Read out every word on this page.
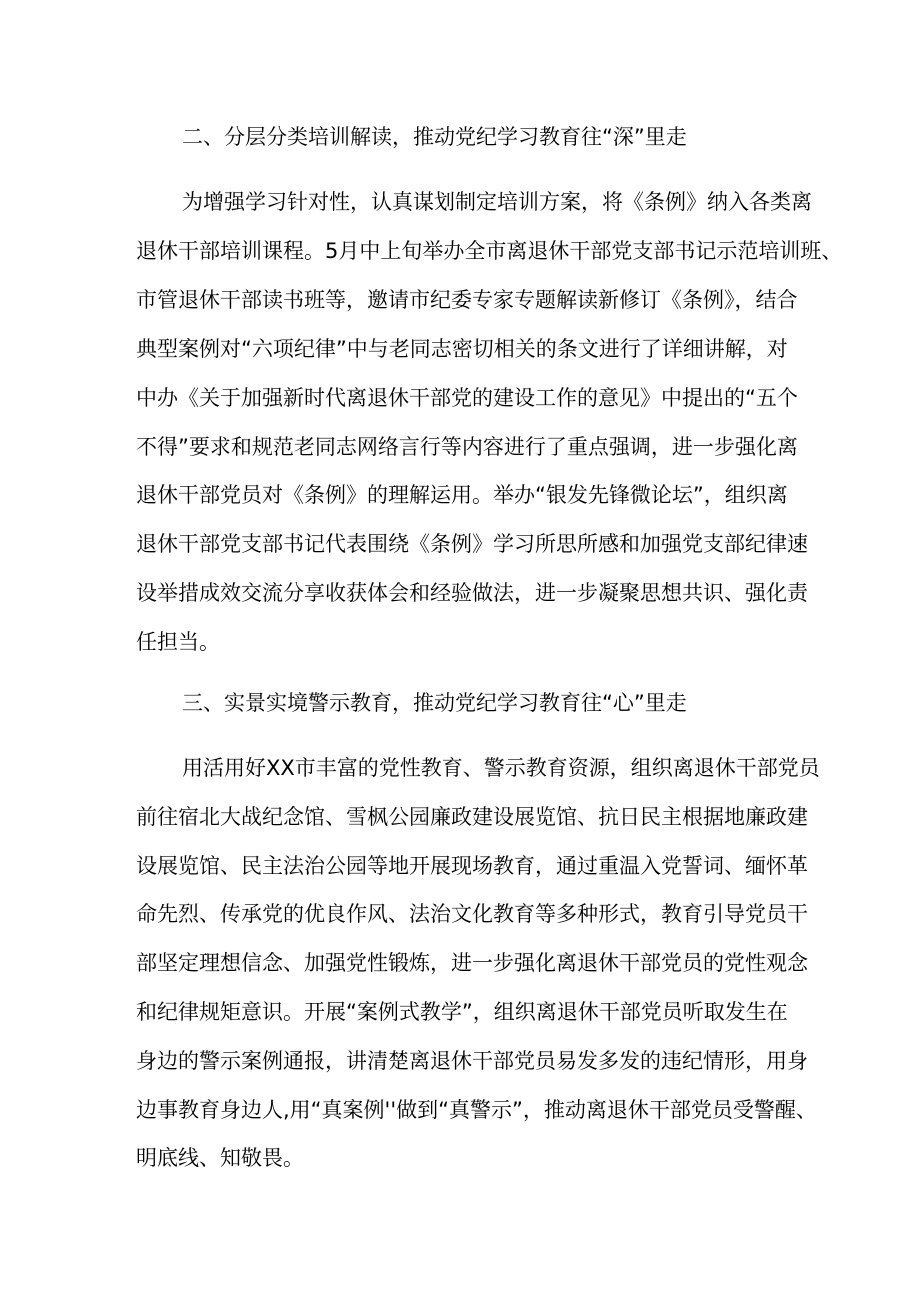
二、分层分类培训解读，推动党纪学习教育往“深”里走
为增强学习针对性，认真谋划制定培训方案，将《条例》纳入各类离
退休干部培训课程。5月中上旬举办全市离退休干部党支部书记示范培训班、
市管退休干部读书班等，邀请市纪委专家专题解读新修订《条例》，结合
典型案例对“六项纪律”中与老同志密切相关的条文进行了详细讲解，对
中办《关于加强新时代离退休干部党的建设工作的意见》中提出的“五个
不得”要求和规范老同志网络言行等内容进行了重点强调，进一步强化离
退休干部党员对《条例》的理解运用。举办“银发先锋微论坛”，组织离
退休干部党支部书记代表围绕《条例》学习所思所感和加强党支部纪律速
设举措成效交流分享收获体会和经验做法，进一步凝聚思想共识、强化责
任担当。
三、实景实境警示教育，推动党纪学习教育往“心”里走
用活用好XX市丰富的党性教育、警示教育资源，组织离退休干部党员
前往宿北大战纪念馆、雪枫公园廉政建设展览馆、抗日民主根据地廉政建
设展览馆、民主法治公园等地开展现场教育，通过重温入党誓词、缅怀革
命先烈、传承党的优良作风、法治文化教育等多种形式，教育引导党员干
部坚定理想信念、加强党性锻炼，进一步强化离退休干部党员的党性观念
和纪律规矩意识。开展“案例式教学”，组织离退休干部党员听取发生在
身边的警示案例通报，讲清楚离退休干部党员易发多发的违纪情形，用身
边事教育身边人,用“真案例''做到“真警示”，推动离退休干部党员受警醒、
明底线、知敬畏。
